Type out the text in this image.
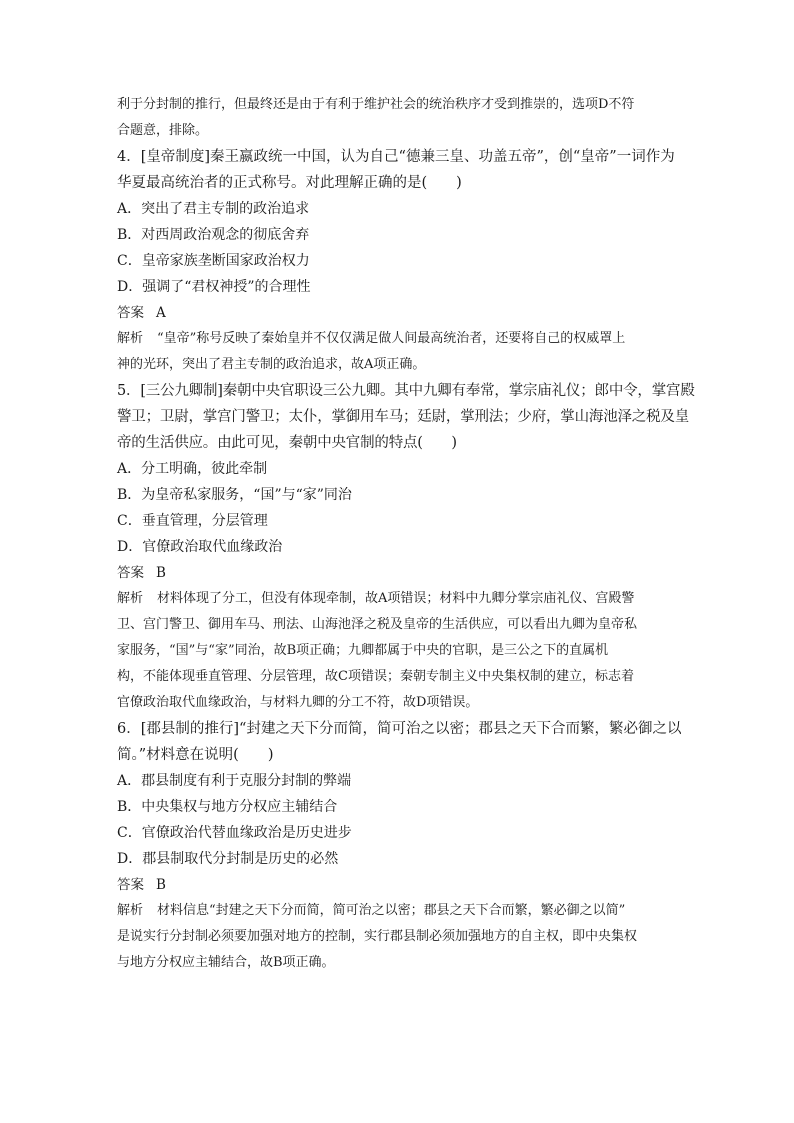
利于分封制的推行，但最终还是由于有利于维护社会的统治秩序才受到推崇的，选项D不符
合题意，排除。
4．[皇帝制度]秦王嬴政统一中国，认为自己“德兼三皇、功盖五帝”，创“皇帝”一词作为
华夏最高统治者的正式称号。对此理解正确的是(　　)
A．突出了君主专制的政治追求
B．对西周政治观念的彻底舍弃
C．皇帝家族垄断国家政治权力
D．强调了“君权神授”的合理性
答案 A
解析 “皇帝”称号反映了秦始皇并不仅仅满足做人间最高统治者，还要将自己的权威罩上
神的光环，突出了君主专制的政治追求，故A项正确。
5．[三公九卿制]秦朝中央官职设三公九卿。其中九卿有奉常，掌宗庙礼仪；郎中令，掌宫殿
警卫；卫尉，掌宫门警卫；太仆，掌御用车马；廷尉，掌刑法；少府，掌山海池泽之税及皇
帝的生活供应。由此可见，秦朝中央官制的特点(　　)
A．分工明确，彼此牵制
B．为皇帝私家服务，“国”与“家”同治
C．垂直管理，分层管理
D．官僚政治取代血缘政治
答案 B
解析 材料体现了分工，但没有体现牵制，故A项错误；材料中九卿分掌宗庙礼仪、宫殿警
卫、宫门警卫、御用车马、刑法、山海池泽之税及皇帝的生活供应，可以看出九卿为皇帝私
家服务，“国”与“家”同治，故B项正确；九卿都属于中央的官职，是三公之下的直属机
构，不能体现垂直管理、分层管理，故C项错误；秦朝专制主义中央集权制的建立，标志着
官僚政治取代血缘政治，与材料九卿的分工不符，故D项错误。
6．[郡县制的推行]“封建之天下分而简，简可治之以密；郡县之天下合而繁，繁必御之以
简。”材料意在说明(　　)
A．郡县制度有利于克服分封制的弊端
B．中央集权与地方分权应主辅结合
C．官僚政治代替血缘政治是历史进步
D．郡县制取代分封制是历史的必然
答案 B
解析 材料信息“封建之天下分而简，简可治之以密；郡县之天下合而繁，繁必御之以简”
是说实行分封制必须要加强对地方的控制，实行郡县制必须加强地方的自主权，即中央集权
与地方分权应主辅结合，故B项正确。
